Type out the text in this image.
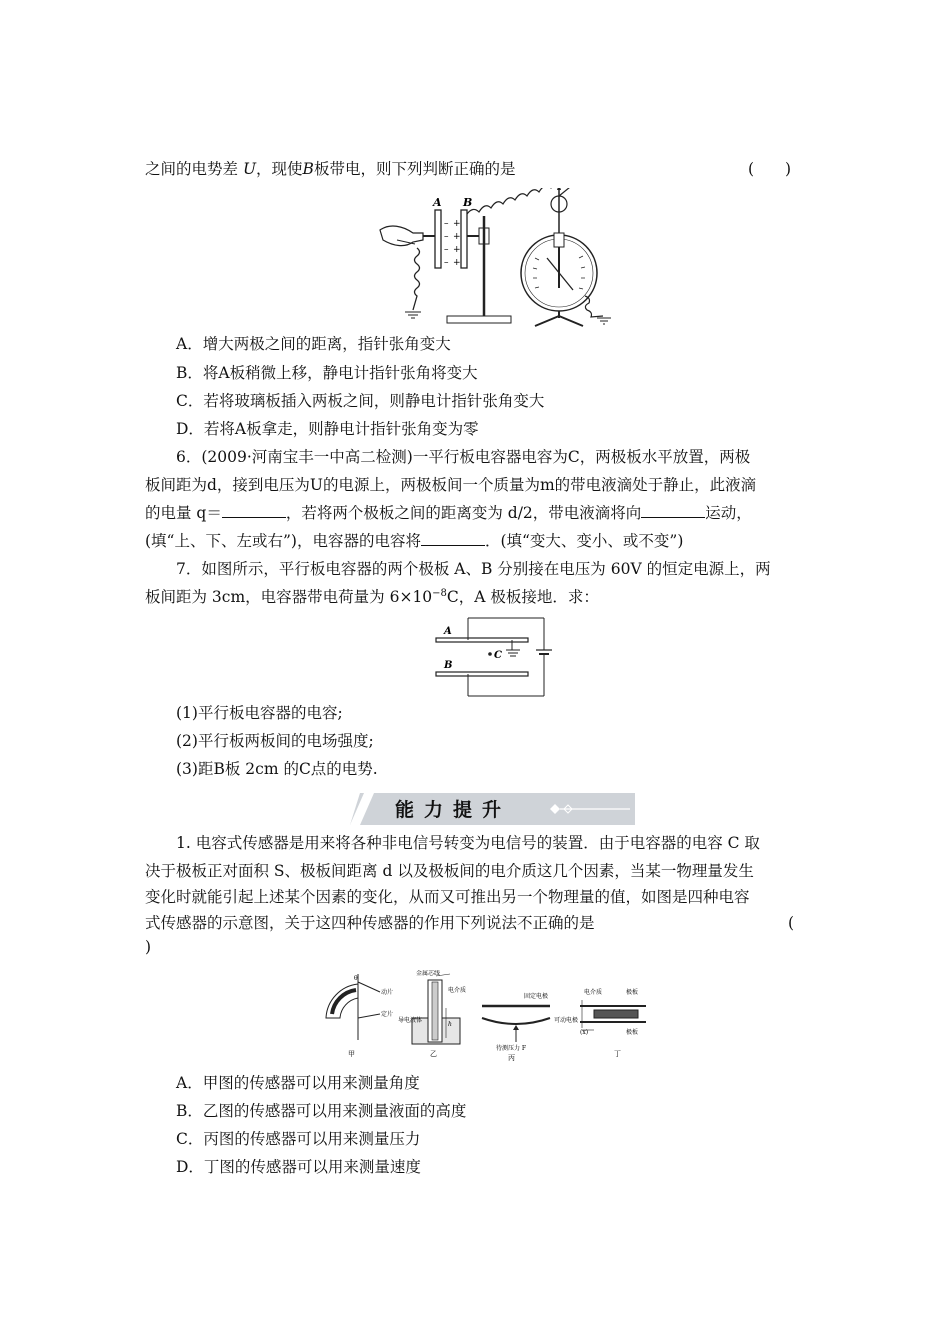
之间的电势差 U，现使B板带电，则下列判断正确的是	(　　)
A
–
–
–
–
B
+
+
+
+
A．增大两极之间的距离，指针张角变大
B．将A板稍微上移，静电计指针张角将变大
C．若将玻璃板插入两板之间，则静电计指针张角变大
D．若将A板拿走，则静电计指针张角变为零
6．(2009·河南宝丰一中高二检测)一平行板电容器电容为C，两极板水平放置，两极
板间距为d，接到电压为U的电源上，两极板间一个质量为m的带电液滴处于静止，此液滴
的电量 q＝	，若将两个极板之间的距离变为 d/2，带电液滴将向	运动，
(填“上、下、左或右”)，电容器的电容将	．(填“变大、变小、或不变”)
7．如图所示，平行板电容器的两个极板 A、B 分别接在电压为 60V 的恒定电源上，两
板间距为 3cm，电容器带电荷量为 $6\times 10^{-8}C$，A 极板接地．求：
A
B
C
(1)平行板电容器的电容;
(2)平行板两板间的电场强度;
(3)距B板 2cm 的C点的电势.
能力提升
1. 电容式传感器是用来将各种非电信号转变为电信号的装置．由于电容器的电容 C 取
决于极板正对面积 S、极板间距离 d 以及极板间的电介质这几个因素，当某一物理量发生
变化时就能引起上述某个因素的变化，从而又可推出另一个物理量的值，如图是四种电容
式传感器的示意图，关于这四种传感器的作用下列说法不正确的是	(
)
θ
动片
定片
甲
h
金属芯线
电介质
导电液体
乙
固定电极
可动电极
待测压力 F
丙
(x)
电介质	极板
极板
丁
A．甲图的传感器可以用来测量角度
B．乙图的传感器可以用来测量液面的高度
C．丙图的传感器可以用来测量压力
D．丁图的传感器可以用来测量速度
